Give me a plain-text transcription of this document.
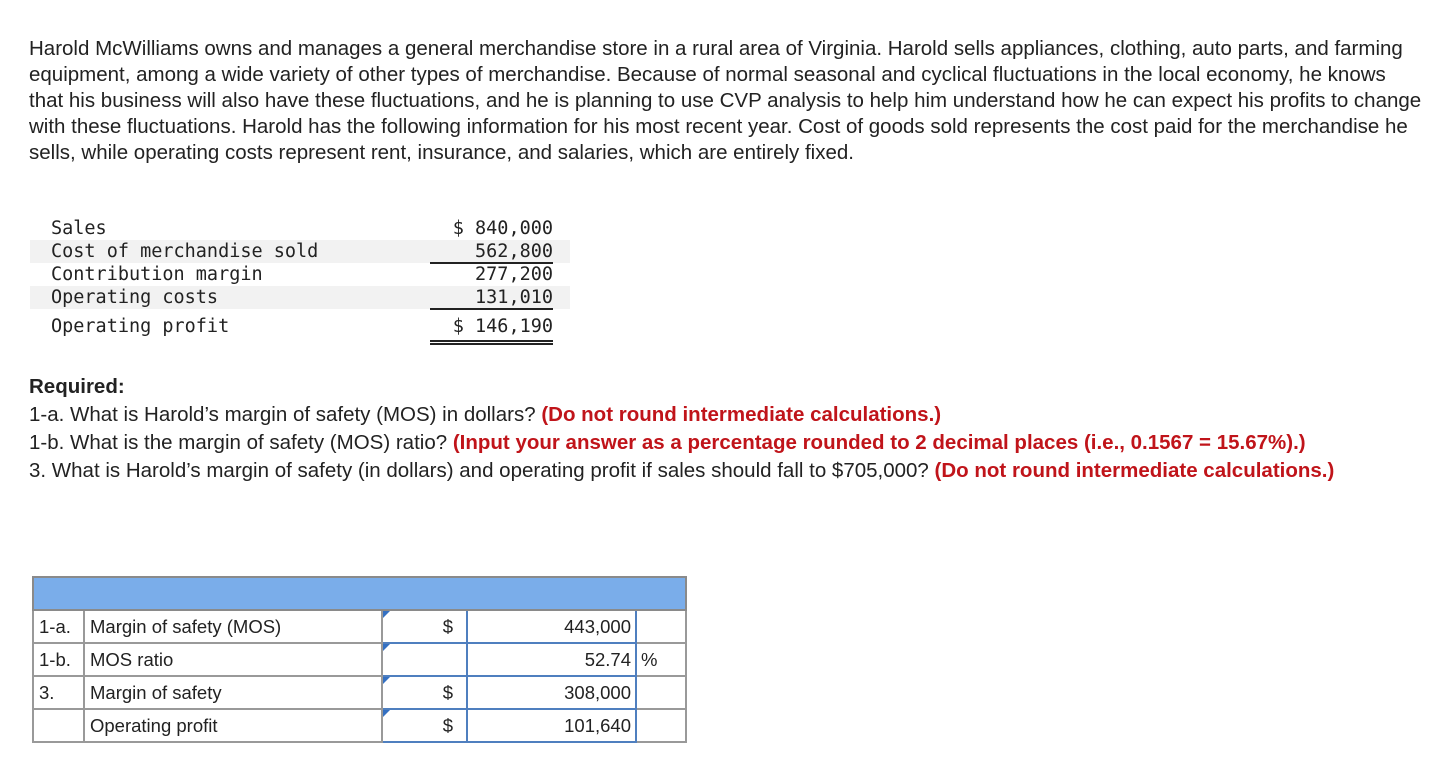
Harold McWilliams owns and manages a general merchandise store in a rural area of Virginia. Harold sells appliances, clothing, auto parts, and farming equipment, among a wide variety of other types of merchandise. Because of normal seasonal and cyclical fluctuations in the local economy, he knows that his business will also have these fluctuations, and he is planning to use CVP analysis to help him understand how he can expect his profits to change with these fluctuations. Harold has the following information for his most recent year. Cost of goods sold represents the cost paid for the merchandise he sells, while operating costs represent rent, insurance, and salaries, which are entirely fixed.

Sales	$ 840,000
Cost of merchandise sold	562,800
Contribution margin	277,200
Operating costs	131,010
Operating profit	$ 146,190

Required:

1-a. What is Harold’s margin of safety (MOS) in dollars? (Do not round intermediate calculations.)

1-b. What is the margin of safety (MOS) ratio? (Input your answer as a percentage rounded to 2 decimal places (i.e., 0.1567 = 15.67%).)

3. What is Harold’s margin of safety (in dollars) and operating profit if sales should fall to $705,000? (Do not round intermediate calculations.)

1-a.	Margin of safety (MOS)	$	443,000	
1-b.	MOS ratio		52.74	%
3.	Margin of safety	$	308,000	
	Operating profit	$	101,640	
